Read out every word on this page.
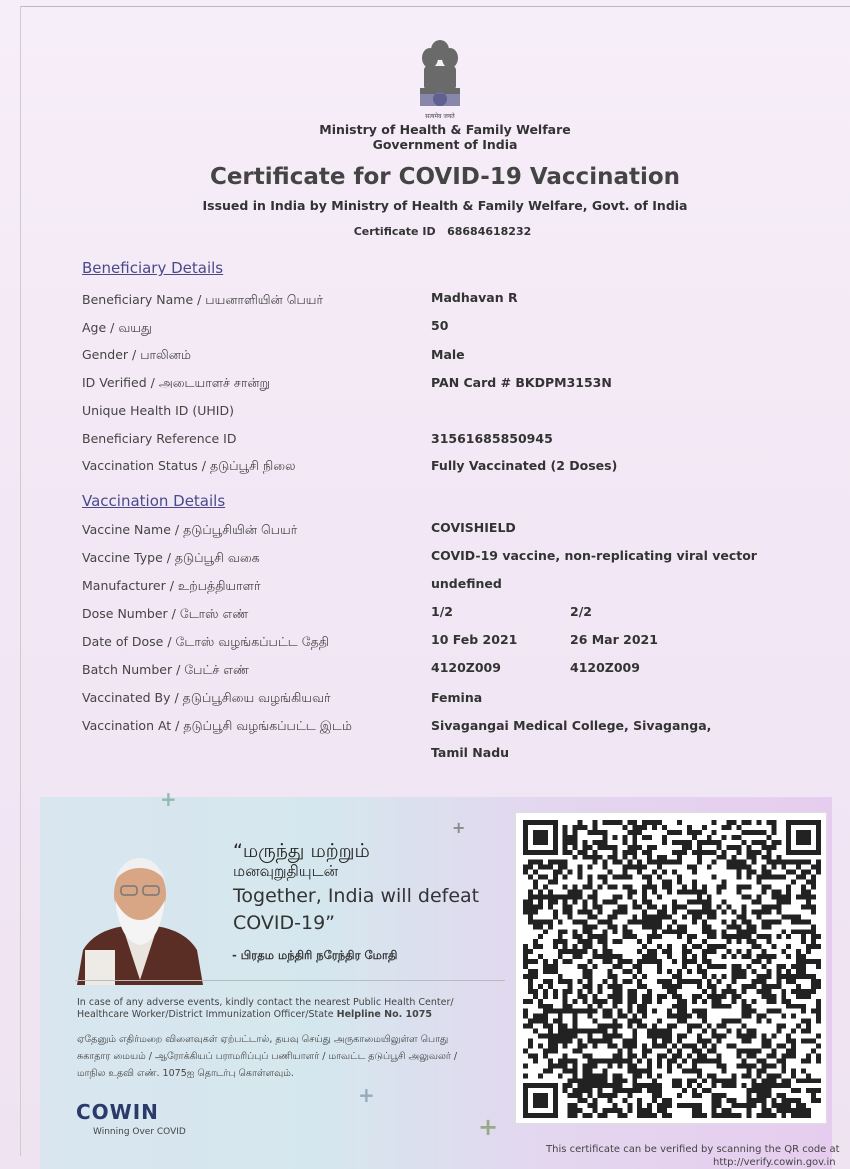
सत्यमेव जयते
Ministry of Health & Family Welfare
Government of India
Certificate for COVID-19 Vaccination
Issued in India by Ministry of Health & Family Welfare, Govt. of India
Certificate ID 68684618232
Beneficiary Details
Beneficiary Name / பயனாளியின் பெயர்	Madhavan R
Age / வயது	50
Gender / பாலினம்	Male
ID Verified / அடையாளச் சான்று	PAN Card # BKDPM3153N
Unique Health ID (UHID)
Beneficiary Reference ID	31561685850945
Vaccination Status / தடுப்பூசி நிலை	Fully Vaccinated (2 Doses)
Vaccination Details
Vaccine Name / தடுப்பூசியின் பெயர்	COVISHIELD
Vaccine Type / தடுப்பூசி வகை	COVID-19 vaccine, non-replicating viral vector
Manufacturer / உற்பத்தியாளர்	undefined
Dose Number / டோஸ் எண்	1/2	2/2
Date of Dose / டோஸ் வழங்கப்பட்ட தேதி	10 Feb 2021	26 Mar 2021
Batch Number / பேட்ச் எண்	4120Z009	4120Z009
Vaccinated By / தடுப்பூசியை வழங்கியவர்	Femina
Vaccination At / தடுப்பூசி வழங்கப்பட்ட இடம்	Sivagangai Medical College, Sivaganga,
Tamil Nadu
+
+
+
+
“மருந்து மற்றும்
மனவுறுதியுடன்
Together, India will defeat
COVID-19”
- பிரதம மந்திரி நரேந்திர மோதி
In case of any adverse events, kindly contact the nearest Public Health Center/
Healthcare Worker/District Immunization Officer/State Helpline No. 1075
ஏதேனும் எதிர்மறை விளைவுகள் ஏற்பட்டால், தயவு செய்து அருகாமையிலுள்ள பொது
சுகாதார மையம் / ஆரோக்கியப் பராமரிப்புப் பணியாளர் / மாவட்ட தடுப்பூசி அலுவலர் /
மாநில உதவி எண். 1075ஐ தொடர்பு கொள்ளவும்.
COWIN
Winning Over COVID
This certificate can be verified by scanning the QR code at
http://verify.cowin.gov.in
